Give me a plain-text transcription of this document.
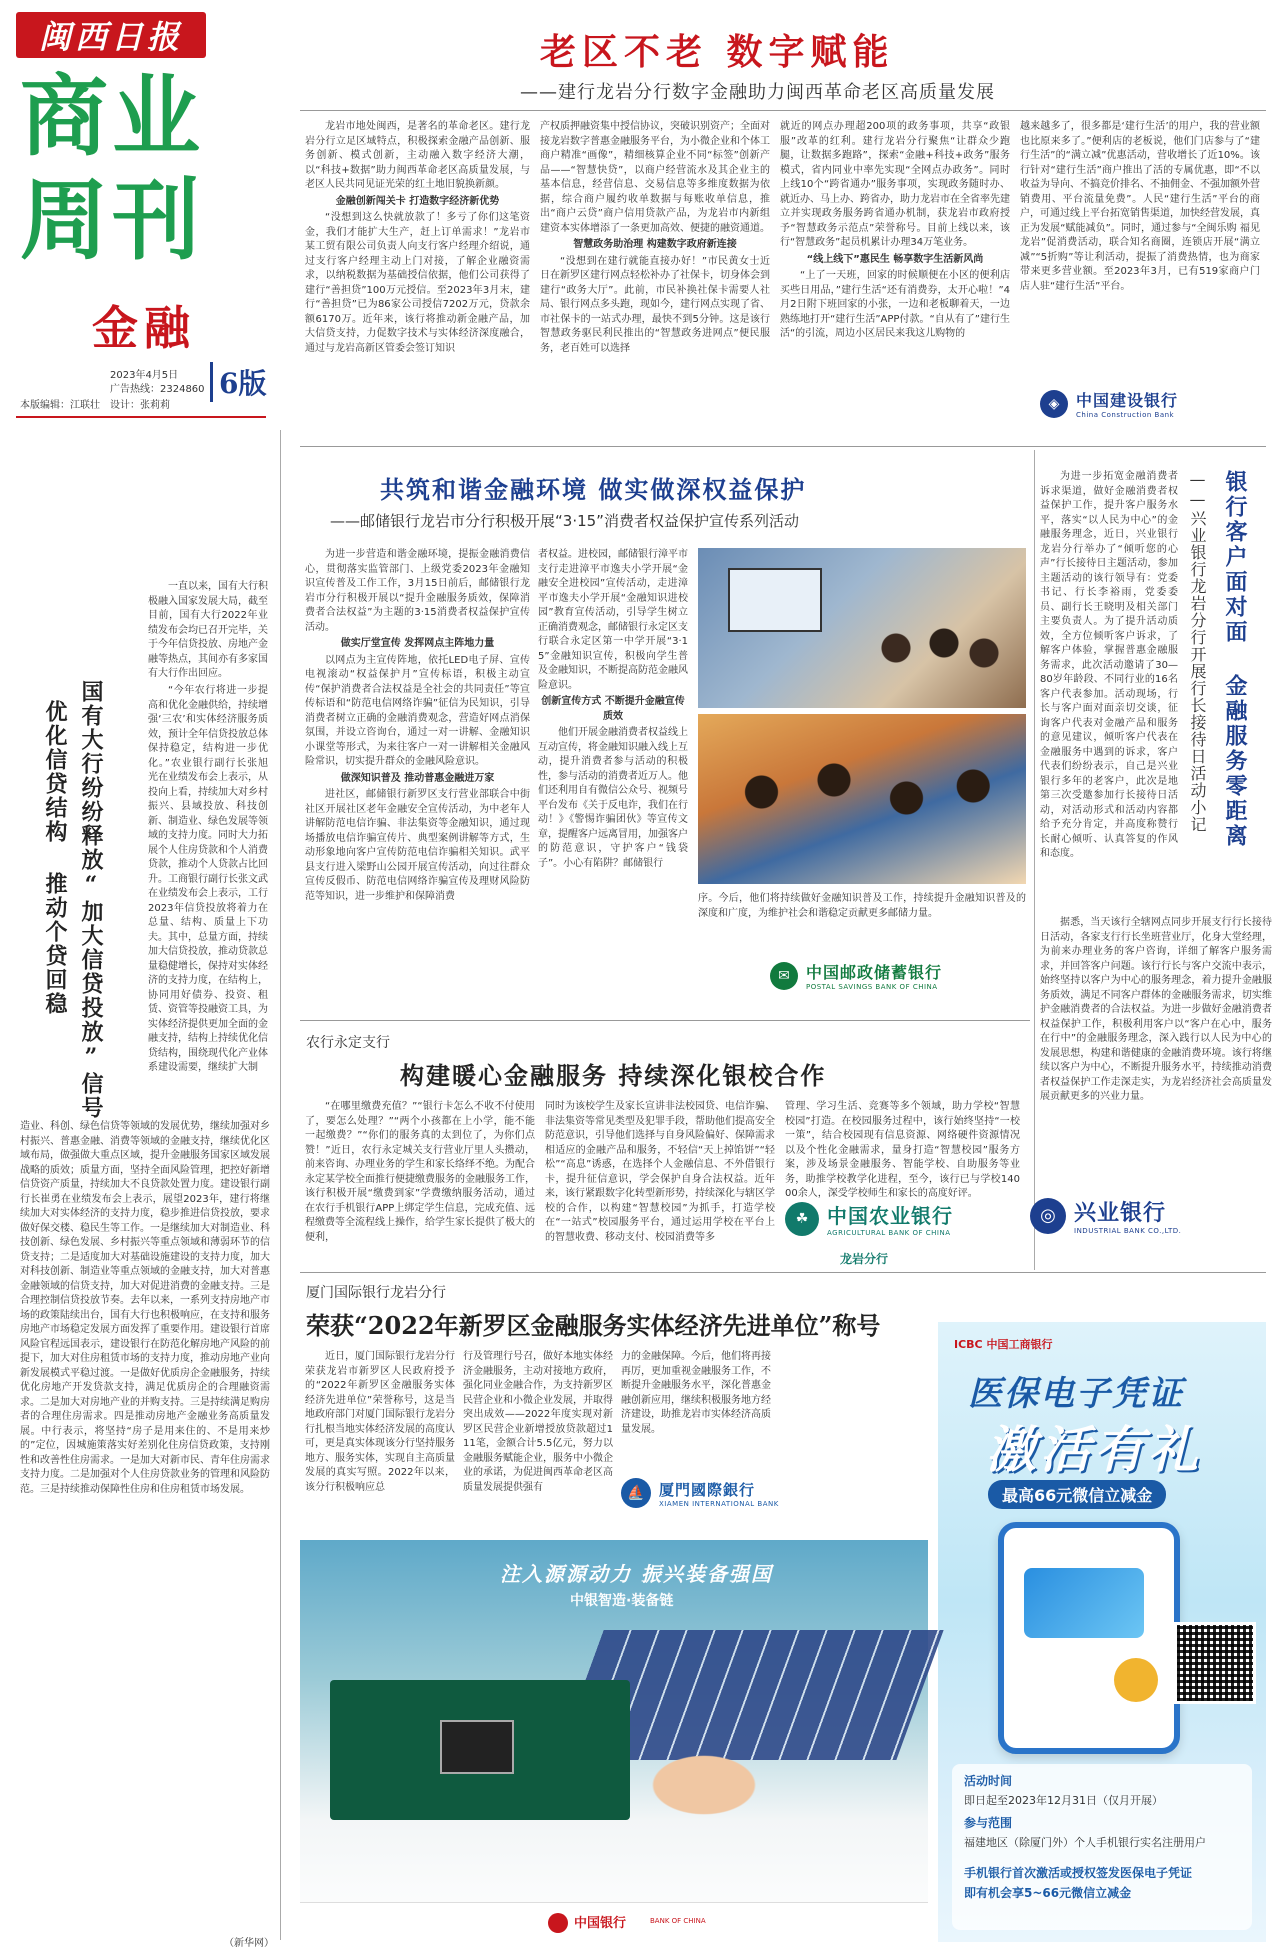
闽西日报
商业
周刊
金融
2023年4月5日
广告热线：2324860
本版编辑：江联壮　设计：张莉莉
6版
老区不老 数字赋能
——建行龙岩分行数字金融助力闽西革命老区高质量发展

龙岩市地处闽西，是著名的革命老区。建行龙岩分行立足区域特点，积极探索金融产品创新、服务创新、模式创新，主动融入数字经济大潮，以“科技+数据”助力闽西革命老区高质量发展，与老区人民共同见证光荣的红土地旧貌换新颜。

金融创新闯关卡 打造数字经济新优势

“没想到这么快就放款了！多亏了你们这笔资金，我们才能扩大生产，赶上订单需求！”龙岩市某工贸有限公司负责人向支行客户经理介绍说，通过支行客户经理主动上门对接，了解企业融资需求，以纳税数据为基础授信依据，他们公司获得了建行“善担贷”100万元授信。至2023年3月末，建行“善担贷”已为86家公司授信7202万元，贷款余额6170万。近年来，该行将推动新金融产品，加大信贷支持，力促数字技术与实体经济深度融合，通过与龙岩高新区管委会签订知识

产权质押融资集中授信协议，突破识别资产；全面对接龙岩数字普惠金融服务平台，为小微企业和个体工商户精准“画像”，精细核算企业不同“标签”创新产品——“智慧快贷”，以商户经营流水及其企业主的基本信息，经营信息、交易信息等多维度数据为依据，综合商户履约收单数据与每账收单信息，推出“商户云贷”商户信用贷款产品，为龙岩市内新组建资本实体增添了一条更加高效、便捷的融资通道。

智慧政务助治理 构建数字政府新连接

“没想到在建行就能直接办好！”市民黄女士近日在新罗区建行网点轻松补办了社保卡，切身体会到建行“政务大厅”。此前，市民补换社保卡需要人社局、银行网点多头跑，现如今，建行网点实现了省、市社保卡的一站式办理，最快不到5分钟。这是该行智慧政务驱民利民推出的“智慧政务进网点”便民服务，老百姓可以选择

就近的网点办理超200项的政务事项，共享“政银服”改革的红利。建行龙岩分行聚焦“让群众少跑腿，让数据多跑路”，探索“金融+科技+政务”服务模式，省内同业中率先实现“全网点办政务”。同时上线10个“跨省通办”服务事项，实现政务随时办、就近办、马上办、跨省办，助力龙岩市在全省率先建立并实现政务服务跨省通办机制，获龙岩市政府授予“智慧政务示范点”荣誉称号。目前上线以来，该行“智慧政务”起员机累计办理34万笔业务。

“线上线下”惠民生 畅享数字生活新风尚

“上了一天班，回家的时候顺便在小区的便利店买些日用品，”建行生活“还有消费券，太开心啦！”4月2日附下班回家的小张，一边和老板聊着天，一边熟练地打开“建行生活”APP付款。“自从有了”建行生活“的引流，周边小区居民来我这儿购物的

越来越多了，很多都是‘建行生活’的用户，我的营业额也比原来多了。”便利店的老板说，他们门店参与了“建行生活”的“满立减”优惠活动，营收增长了近10%。该行针对“建行生活”商户推出了活的专属优惠，即“不以收益为导向、不搞竞价排名、不抽佣金、不强加额外营销费用、平台流量免费”。人民“建行生活”平台的商户，可通过线上平台拓宽销售渠道，加快经营发展，真正为发展“赋能减负”。同时，通过参与“全闽乐购 福见龙岩”促消费活动，联合知名商圈，连锁店开展“满立减”“5折购”等让利活动，提振了消费热情，也为商家带来更多营业额。至2023年3月，已有519家商户门店人驻“建行生活”平台。

◈	中国建设银行
China Construction Bank
国有大行纷纷释放“加大信贷投放”信号
优化信贷结构 推动个贷回稳

一直以来，国有大行积极融入国家发展大局，截至目前，国有大行2022年业绩发布会均已召开完毕，关于今年信贷投放、房地产金融等热点，其间亦有多家国有大行作出回应。

“今年农行将进一步提高和优化金融供给，持续增强‘三农’和实体经济服务质效，预计全年信贷投放总体保持稳定，结构进一步优化。”农业银行副行长张旭光在业绩发布会上表示，从投向上看，持续加大对乡村振兴、县域投放、科技创新、制造业、绿色发展等领域的支持力度。同时大力拓展个人住房贷款和个人消费贷款，推动个人贷款占比回升。工商银行副行长张文武在业绩发布会上表示，工行2023年信贷投放将着力在总量、结构、质量上下功夫。其中，总量方面，持续加大信贷投放，推动贷款总量稳健增长，保持对实体经济的支持力度，在结构上，协同用好债券、投资、租赁、资管等投融资工具，为实体经济提供更加全面的金融支持，结构上持续优化信贷结构，围绕现代化产业体系建设需要，继续扩大制

造业、科创、绿色信贷等领域的发展优势，继续加强对乡村振兴、普惠金融、消费等领域的金融支持，继续优化区域布局，做强做大重点区域，提升金融服务国家区域发展战略的质效；质量方面，坚持全面风险管理，把控好新增信贷资产质量，持续加大不良贷款处置力度。建设银行副行长崔勇在业绩发布会上表示，展望2023年，建行将继续加大对实体经济的支持力度，稳步推进信贷投放，要求做好保交楼、稳民生等工作。一是继续加大对制造业、科技创新、绿色发展、乡村振兴等重点领域和薄弱环节的信贷支持；二是适度加大对基础设施建设的支持力度，加大对科技创新、制造业等重点领域的金融支持，加大对普惠金融领域的信贷支持，加大对促进消费的金融支持。三是合理控制信贷投放节奏。去年以来，一系列支持房地产市场的政策陆续出台，国有大行也积极响应，在支持和服务房地产市场稳定发展方面发挥了重要作用。建设银行首席风险官程远国表示，建设银行在防范化解房地产风险的前提下，加大对住房租赁市场的支持力度，推动房地产业向新发展模式平稳过渡。一是做好优质房企金融服务，持续优化房地产开发贷款支持，满足优质房企的合理融资需求。二是加大对房地产业的并购支持。三是持续满足购房者的合理住房需求。四是推动房地产金融业务高质量发展。中行表示，将坚持“房子是用来住的、不是用来炒的”定位，因城施策落实好差别化住房信贷政策，支持刚性和改善性住房需求。一是加大对新市民、青年住房需求支持力度。二是加强对个人住房贷款业务的管理和风险防范。三是持续推动保障性住房和住房租赁市场发展。

（新华网）
共筑和谐金融环境 做实做深权益保护
——邮储银行龙岩市分行积极开展“3·15”消费者权益保护宣传系列活动

为进一步营造和谐金融环境，提振金融消费信心，贯彻落实监管部门、上级党委2023年金融知识宣传普及工作工作，3月15日前后，邮储银行龙岩市分行积极开展以“提升金融服务质效，保障消费者合法权益”为主题的3·15消费者权益保护宣传活动。

做实厅堂宣传 发挥网点主阵地力量

以网点为主宣传阵地，依托LED电子屏、宣传电视滚动“权益保护月”宣传标语，积极主动宣传“保护消费者合法权益是全社会的共同责任”等宣传标语和“防范电信网络诈骗”征信为民知识，引导消费者树立正确的金融消费观念，营造好网点消保氛围，并设立咨询台，通过一对一讲解、金融知识小课堂等形式，为来往客户一对一讲解相关金融风险常识，切实提升群众的金融风险意识。

做深知识普及 推动普惠金融进万家

进社区，邮储银行新罗区支行营业部联合中街社区开展社区老年金融安全宣传活动，为中老年人讲解防范电信诈骗、非法集资等金融知识，通过现场播放电信诈骗宣传片、典型案例讲解等方式，生动形象地向客户宣传防范电信诈骗相关知识。武平县支行进入梁野山公园开展宣传活动，向过往群众宣传反假币、防范电信网络诈骗宣传及理财风险防范等知识，进一步维护和保障消费

者权益。进校园，邮储银行漳平市支行走进漳平市逸夫小学开展“金融安全进校园”宣传活动，走进漳平市逸夫小学开展“金融知识进校园”教育宣传活动，引导学生树立正确消费观念，邮储银行永定区支行联合永定区第一中学开展“3·15”金融知识宣传，积极向学生普及金融知识，不断提高防范金融风险意识。

创新宣传方式 不断提升金融宣传质效

他们开展金融消费者权益线上互动宣传，将金融知识融入线上互动，提升消费者参与活动的积极性，参与活动的消费者近万人。他们还利用自有微信公众号、视频号平台发布《关于反电诈，我们在行动！》《警惕诈骗团伙》等宣传文章，提醒客户远离冒用，加强客户的防范意识，守护客户“钱袋子”。小心有陷阱？邮储银行

序。今后，他们将持续做好金融知识普及工作，持续提升金融知识普及的深度和广度，为维护社会和谐稳定贡献更多邮储力量。

✉	中国邮政储蓄银行
POSTAL SAVINGS BANK OF CHINA
银行客户面对面 金融服务零距离
——兴业银行龙岩分行开展行长接待日活动小记

为进一步拓宽金融消费者诉求渠道，做好金融消费者权益保护工作，提升客户服务水平，落实“以人民为中心”的金融服务理念，近日，兴业银行龙岩分行举办了“倾听您的心声”行长接待日主题活动，参加主题活动的该行领导有：党委书记、行长李裕雨，党委委员、副行长王晓明及相关部门主要负责人。为了提升活动质效，全方位倾听客户诉求，了解客户体验，掌握普惠金融服务需求，此次活动邀请了30—80岁年龄段、不同行业的16名客户代表参加。活动现场，行长与客户面对面亲切交谈，征询客户代表对金融产品和服务的意见建议，倾听客户代表在金融服务中遇到的诉求，客户代表们纷纷表示，自己是兴业银行多年的老客户，此次是地第三次受邀参加行长接待日活动，对活动形式和活动内容都给予充分肯定，并高度称赞行长耐心倾听、认真答复的作风和态度。

据悉，当天该行全辖网点同步开展支行行长接待日活动，各家支行行长坐班营业厅，化身大堂经理，为前来办理业务的客户咨询，详细了解客户服务需求，并回答客户问题。该行行长与客户交流中表示，始终坚持以客户为中心的服务理念，着力提升金融服务质效，满足不同客户群体的金融服务需求，切实维护金融消费者的合法权益。为进一步做好金融消费者权益保护工作，积极利用客户以“客户在心中，服务在行中”的金融服务理念，深入践行以人民为中心的发展思想，构建和谐健康的金融消费环境。该行将继续以客户为中心，不断提升服务水平，持续推动消费者权益保护工作走深走实，为龙岩经济社会高质量发展贡献更多的兴业力量。

◎ 兴业银行
INDUSTRIAL BANK CO.,LTD.
农行永定支行
构建暖心金融服务 持续深化银校合作

“在哪里缴费充值？”“银行卡怎么不收不付使用了，要怎么处理？”“两个小孩都在上小学，能不能一起缴费？”“你们的服务真的太到位了，为你们点赞！”近日，农行永定城关支行营业厅里人头攒动，前来咨询、办理业务的学生和家长络绎不绝。为配合永定某学校全面推行便捷缴费服务的金融服务工作，该行积极开展“缴费到家”学费缴纳服务活动，通过在农行手机银行APP上绑定学生信息，完成充值、远程缴费等全流程线上操作，给学生家长提供了极大的便利，

同时为该校学生及家长宣讲非法校园贷、电信诈骗、非法集资等常见类型及犯罪手段，帮助他们提高安全防范意识，引导他们选择与自身风险偏好、保障需求相适应的金融产品和服务，不轻信“天上掉馅饼”“轻松”“高息”诱惑，在选择个人金融信息、不外借银行卡，提升征信意识，学会保护自身合法权益。近年来，该行紧跟数字化转型新形势，持续深化与辖区学校的合作，以构建“智慧校园”为抓手，打造学校在“一站式”校园服务平台，通过运用学校在平台上的智慧收费、移动支付、校园消费等多

管理、学习生活、竞赛等多个领域，助力学校“智慧校园”打造。在校园服务过程中，该行始终坚持“一校一策”，结合校园现有信息资源、网络硬件资源情况以及个性化金融需求，量身打造“智慧校园”服务方案，涉及场景金融服务、智能学校、自助服务等业务，助推学校教学化进程，至今，该行已与学校14000余人，深受学校师生和家长的高度好评。

☘ 中国农业银行
AGRICULTURAL BANK OF CHINA
龙岩分行
厦门国际银行龙岩分行
荣获“2022年新罗区金融服务实体经济先进单位”称号

近日，厦门国际银行龙岩分行荣获龙岩市新罗区人民政府授予的“2022年新罗区金融服务实体经济先进单位”荣誉称号，这是当地政府部门对厦门国际银行龙岩分行扎根当地实体经济发展的高度认可，更是真实体现该分行坚持服务地方、服务实体，实现自主高质量发展的真实写照。2022年以来，该分行积极响应总

行及管理行号召，做好本地实体经济金融服务，主动对接地方政府，强化同业金融合作，为支持新罗区民营企业和小微企业发展，并取得突出成效——2022年度实现对新罗区民营企业新增授放贷款超过111笔，金额合计5.5亿元，努力以金融服务赋能企业，服务中小微企业的承诺，为促进闽西革命老区高质量发展提供强有

力的金融保障。今后，他们将再接再厉，更加重视金融服务工作，不断提升金融服务水平，深化普惠金融创新应用，继续积极服务地方经济建设，助推龙岩市实体经济高质量发展。

⛵ 厦門國際銀行
XIAMEN INTERNATIONAL BANK
ICBC 中国工商银行
医保电子凭证
激活有礼
最高66元微信立减金
活动时间
即日起至2023年12月31日（仅月开展）
参与范围
福建地区（除厦门外）个人手机银行实名注册用户
手机银行首次激活或授权签发医保电子凭证
即有机会享5~66元微信立减金
注入源源动力 振兴装备强国
中银智造·装备链
中国银行	BANK OF CHINA
